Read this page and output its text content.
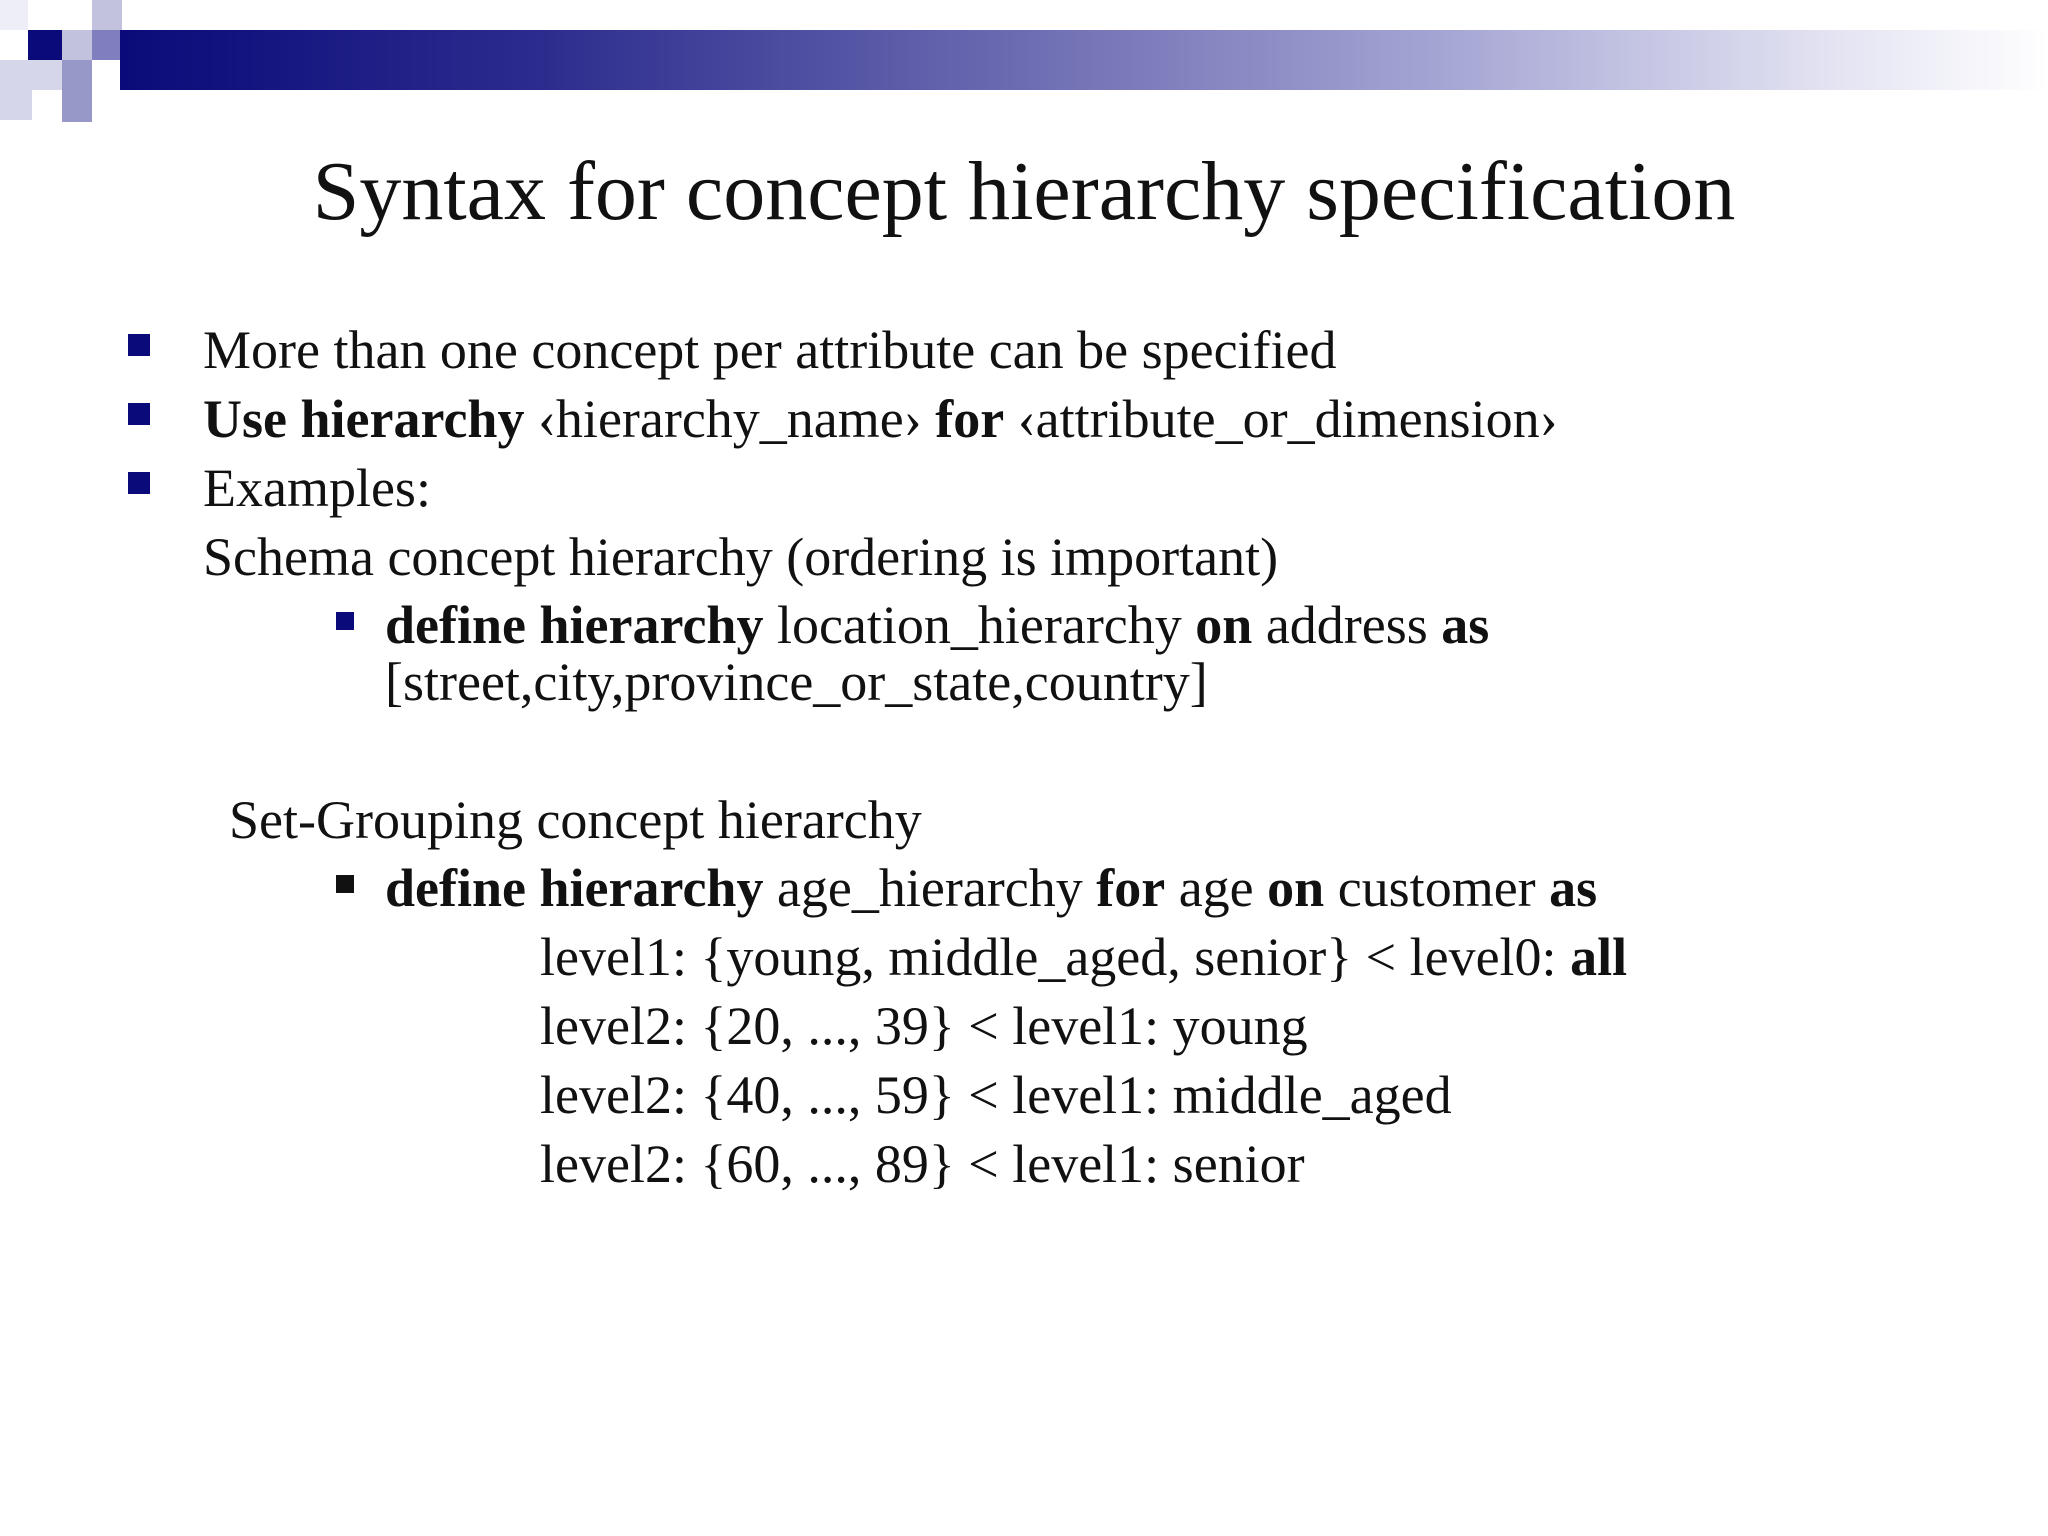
Syntax for concept hierarchy specification
More than one concept per attribute can be specified
Use hierarchy ‹hierarchy_name› for ‹attribute_or_dimension›
Examples:
Schema concept hierarchy (ordering is important)
define hierarchy location_hierarchy on address as
[street,city,province_or_state,country]
Set-Grouping concept hierarchy
define hierarchy age_hierarchy for age on customer as
level1: {young, middle_aged, senior} < level0: all
level2: {20, ..., 39} < level1: young
level2: {40, ..., 59} < level1: middle_aged
level2: {60, ..., 89} < level1: senior
